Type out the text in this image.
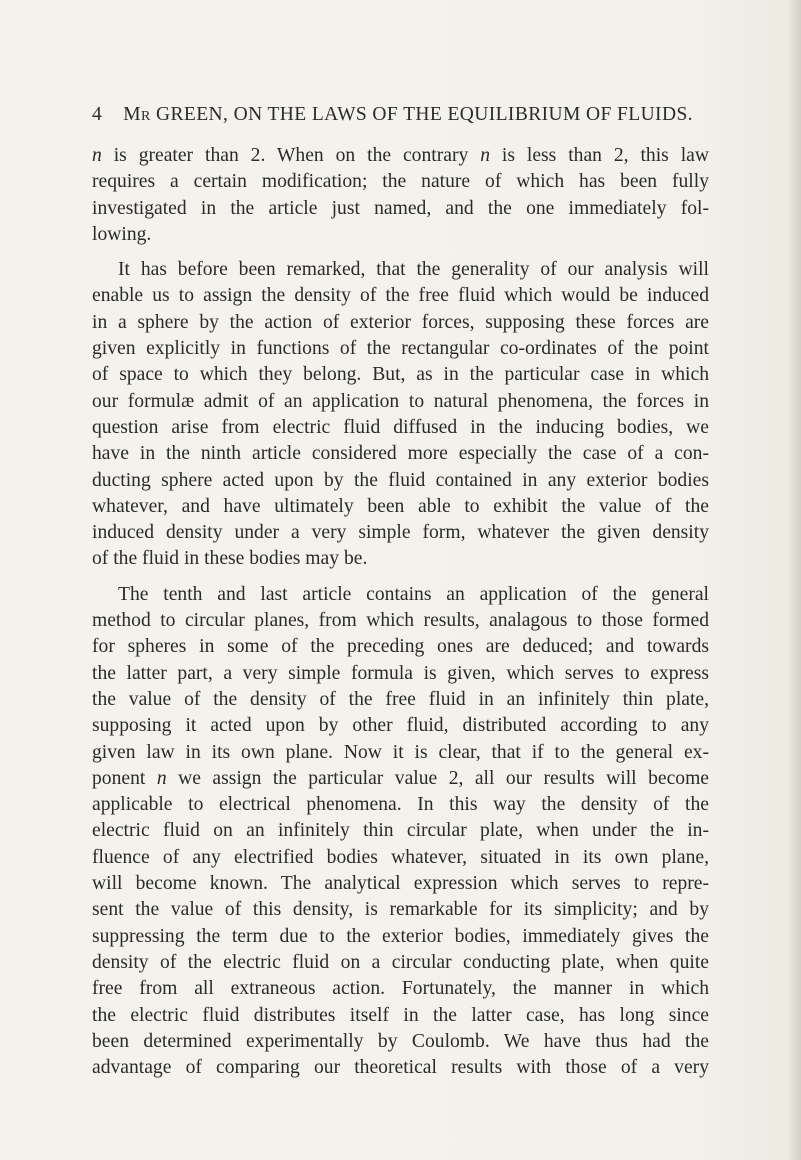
4 Mr GREEN, ON THE LAWS OF THE EQUILIBRIUM OF FLUIDS.

n is greater than 2. When on the contrary n is less than 2, this law
requires a certain modification; the nature of which has been fully
investigated in the article just named, and the one immediately fol-
lowing.

It has before been remarked, that the generality of our analysis will
enable us to assign the density of the free fluid which would be induced
in a sphere by the action of exterior forces, supposing these forces are
given explicitly in functions of the rectangular co-ordinates of the point
of space to which they belong. But, as in the particular case in which
our formulæ admit of an application to natural phenomena, the forces in
question arise from electric fluid diffused in the inducing bodies, we
have in the ninth article considered more especially the case of a con-
ducting sphere acted upon by the fluid contained in any exterior bodies
whatever, and have ultimately been able to exhibit the value of the
induced density under a very simple form, whatever the given density
of the fluid in these bodies may be.

The tenth and last article contains an application of the general
method to circular planes, from which results, analagous to those formed
for spheres in some of the preceding ones are deduced; and towards
the latter part, a very simple formula is given, which serves to express
the value of the density of the free fluid in an infinitely thin plate,
supposing it acted upon by other fluid, distributed according to any
given law in its own plane. Now it is clear, that if to the general ex-
ponent n we assign the particular value 2, all our results will become
applicable to electrical phenomena. In this way the density of the
electric fluid on an infinitely thin circular plate, when under the in-
fluence of any electrified bodies whatever, situated in its own plane,
will become known. The analytical expression which serves to repre-
sent the value of this density, is remarkable for its simplicity; and by
suppressing the term due to the exterior bodies, immediately gives the
density of the electric fluid on a circular conducting plate, when quite
free from all extraneous action. Fortunately, the manner in which
the electric fluid distributes itself in the latter case, has long since
been determined experimentally by Coulomb. We have thus had the
advantage of comparing our theoretical results with those of a very
